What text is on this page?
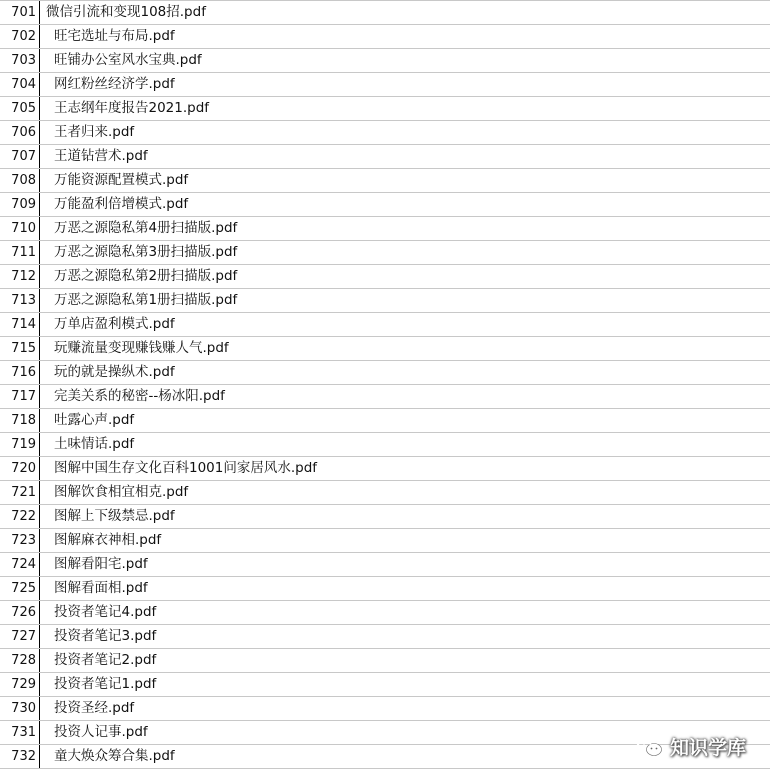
701 微信引流和变现108招.pdf
702	旺宅选址与布局.pdf
703	旺铺办公室风水宝典.pdf
704	网红粉丝经济学.pdf
705	王志纲年度报告2021.pdf
706	王者归来.pdf
707	王道钻营术.pdf
708	万能资源配置模式.pdf
709	万能盈利倍增模式.pdf
710	万恶之源隐私第4册扫描版.pdf
711	万恶之源隐私第3册扫描版.pdf
712	万恶之源隐私第2册扫描版.pdf
713	万恶之源隐私第1册扫描版.pdf
714	万单店盈利模式.pdf
715	玩赚流量变现赚钱赚人气.pdf
716	玩的就是操纵术.pdf
717	完美关系的秘密--杨冰阳.pdf
718	吐露心声.pdf
719	土味情话.pdf
720	图解中国生存文化百科1001问家居风水.pdf
721	图解饮食相宜相克.pdf
722	图解上下级禁忌.pdf
723	图解麻衣神相.pdf
724	图解看阳宅.pdf
725	图解看面相.pdf
726	投资者笔记4.pdf
727	投资者笔记3.pdf
728	投资者笔记2.pdf
729	投资者笔记1.pdf
730	投资圣经.pdf
731	投资人记事.pdf
732	童大焕众筹合集.pdf	知识学库
